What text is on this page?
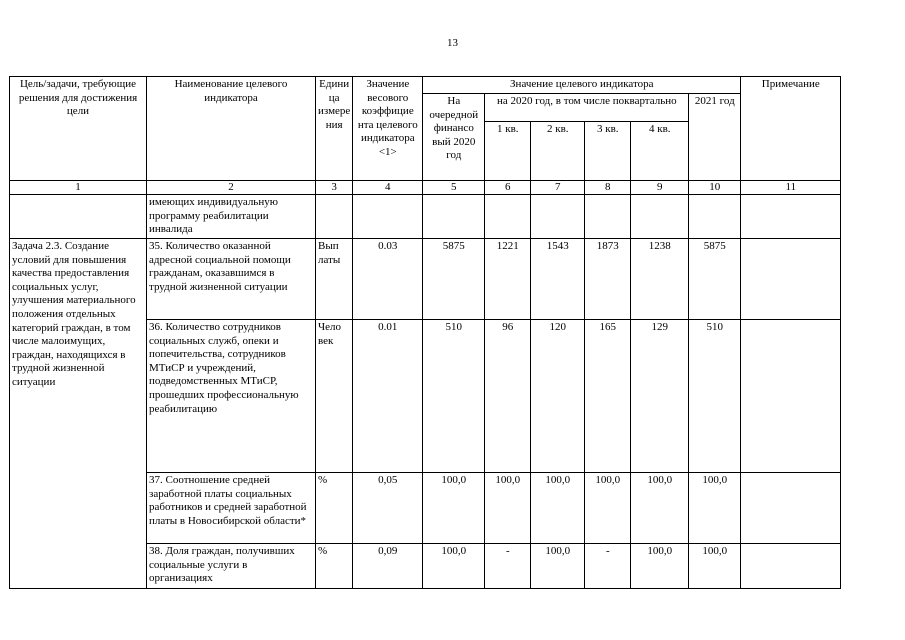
13
Цель/задачи, требующие решения для достижения цели	Наименование целевого индикатора	Едини ца измере ния	Значение весового коэффицие нта целевого индикатора <1>	Значение целевого индикатора						Примечание
				На очередной финансо вый 2020 год	на 2020 год, в том числе поквартально				2021 год	
					1 кв.	2 кв.	3 кв.	4 кв.		
1	2	3	4	5	6	7	8	9	10	11
	имеющих индивидуальную программу реабилитации инвалида									
Задача 2.3. Создание условий для повышения качества предоставления социальных услуг, улучшения материального положения отдельных категорий граждан, в том числе малоимущих, граждан, находящихся в трудной жизненной ситуации	35. Количество оказанной адресной социальной помощи гражданам, оказавшимся в трудной жизненной ситуации	Вып латы	0.03	5875	1221	1543	1873	1238	5875	
	36. Количество сотрудников социальных служб, опеки и попечительства, сотрудников МТиСР и учреждений, подведомственных МТиСР, прошедших профессиональную реабилитацию	Чело век	0.01	510	96	120	165	129	510	
	37. Соотношение средней заработной платы социальных работников и средней заработной платы в Новосибирской области*	%	0,05	100,0	100,0	100,0	100,0	100,0	100,0	
	38. Доля граждан, получивших социальные услуги в организациях	%	0,09	100,0	-	100,0	-	100,0	100,0	
